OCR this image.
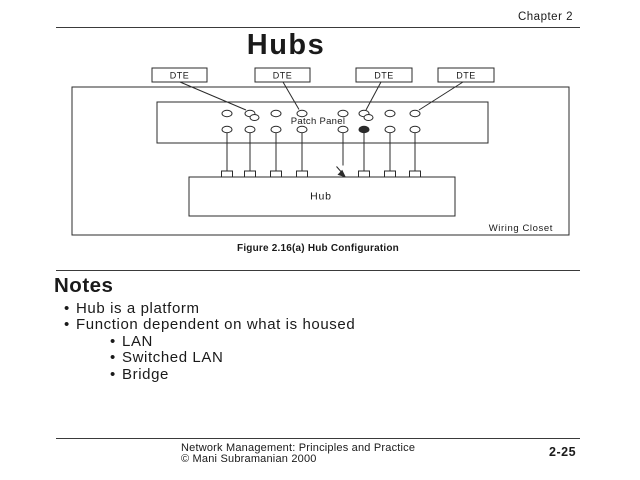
Chapter 2
Hubs
DTE	DTE	DTE	DTE
Patch Panel
Hub
Wiring Closet
Figure 2.16(a) Hub Configuration
Notes
• Hub is a platform
• Function dependent on what is housed
• LAN
• Switched LAN
• Bridge
Network Management: Principles and Practice
© Mani Subramanian 2000	2-25
